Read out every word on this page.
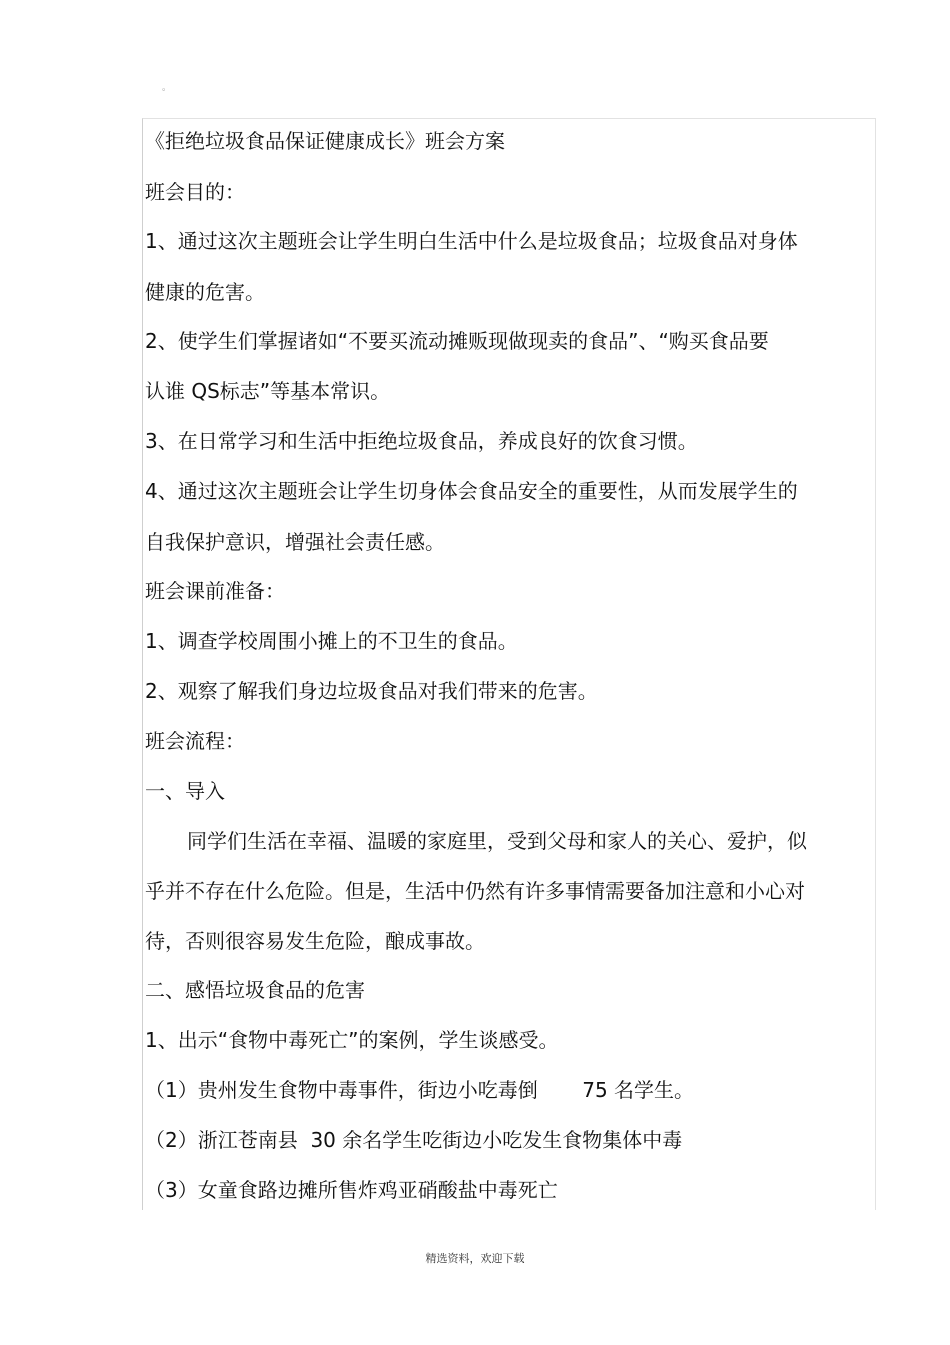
。
《拒绝垃圾食品保证健康成长》班会方案
班会目的：
1、通过这次主题班会让学生明白生活中什么是垃圾食品；垃圾食品对身体
健康的危害。
2、使学生们掌握诸如“不要买流动摊贩现做现卖的食品”、“购买食品要
认谁 QS标志”等基本常识。
3、在日常学习和生活中拒绝垃圾食品，养成良好的饮食习惯。
4、通过这次主题班会让学生切身体会食品安全的重要性，从而发展学生的
自我保护意识，增强社会责任感。
班会课前准备：
1、调查学校周围小摊上的不卫生的食品。
2、观察了解我们身边垃圾食品对我们带来的危害。
班会流程：
一、导入
同学们生活在幸福、温暖的家庭里，受到父母和家人的关心、爱护，似
乎并不存在什么危险。但是，生活中仍然有许多事情需要备加注意和小心对
待，否则很容易发生危险，酿成事故。
二、感悟垃圾食品的危害
1、出示“食物中毒死亡”的案例，学生谈感受。
（1）贵州发生食物中毒事件，街边小吃毒倒       75 名学生。
（2）浙江苍南县  30 余名学生吃街边小吃发生食物集体中毒
（3）女童食路边摊所售炸鸡亚硝酸盐中毒死亡
精选资料，欢迎下载
